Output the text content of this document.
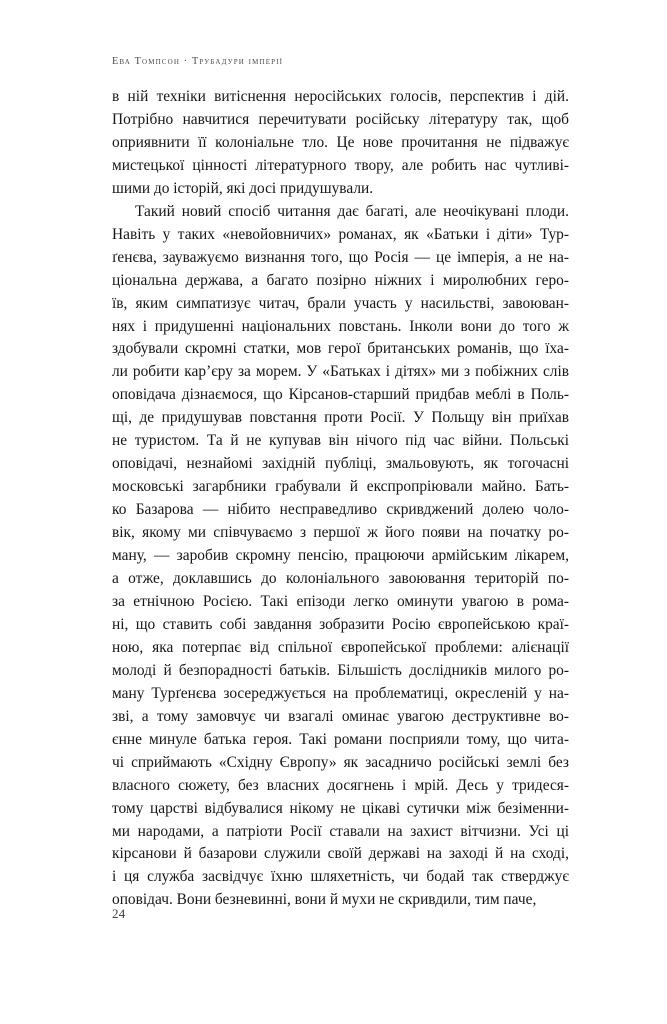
Ева Томпсон · Трубадури імперії

в ній техніки витіснення неросійських голосів, перспектив і дій.
Потрібно навчитися перечитувати російську літературу так, щоб
оприявнити її колоніальне тло. Це нове прочитання не підважує
мистецької цінності літературного твору, але робить нас чутливі-
шими до історій, які досі придушували.

Такий новий спосіб читання дає багаті, але неочікувані плоди.
Навіть у таких «невойовничих» романах, як «Батьки і діти» Тур-
ґенєва, зауважуємо визнання того, що Росія — це імперія, а не на-
ціональна держава, а багато позірно ніжних і миролюбних геро-
їв, яким симпатизує читач, брали участь у насильстві, завоюван-
нях і придушенні національних повстань. Інколи вони до того ж
здобували скромні статки, мов герої британських романів, що їха-
ли робити кар’єру за морем. У «Батьках і дітях» ми з побіжних слів
оповідача дізнаємося, що Кірсанов-старший придбав меблі в Поль-
щі, де придушував повстання проти Росії. У Польщу він приїхав
не туристом. Та й не купував він нічого під час війни. Польські
оповідачі, незнайомі західній публіці, змальовують, як тогочасні
московські загарбники грабували й експропріювали майно. Бать-
ко Базарова — нібито несправедливо скривджений долею чоло-
вік, якому ми співчуваємо з першої ж його появи на початку ро-
ману, — заробив скромну пенсію, працюючи армійським лікарем,
а отже, доклавшись до колоніального завоювання територій по-
за етнічною Росією. Такі епізоди легко оминути увагою в рома-
ні, що ставить собі завдання зобразити Росію європейською краї-
ною, яка потерпає від спільної європейської проблеми: алієнації
молоді й безпорадності батьків. Більшість дослідників милого ро-
ману Турґенєва зосереджується на проблематиці, окресленій у на-
зві, а тому замовчує чи взагалі оминає увагою деструктивне во-
єнне минуле батька героя. Такі романи посприяли тому, що чита-
чі сприймають «Східну Європу» як засадничо російські землі без
власного сюжету, без власних досягнень і мрій. Десь у тридеся-
тому царстві відбувалися нікому не цікаві сутички між безіменни-
ми народами, а патріоти Росії ставали на захист вітчизни. Усі ці
кірсанови й базарови служили своїй державі на заході й на сході,
і ця служба засвідчує їхню шляхетність, чи бодай так стверджує
оповідач. Вони безневинні, вони й мухи не скривдили, тим паче,

24
